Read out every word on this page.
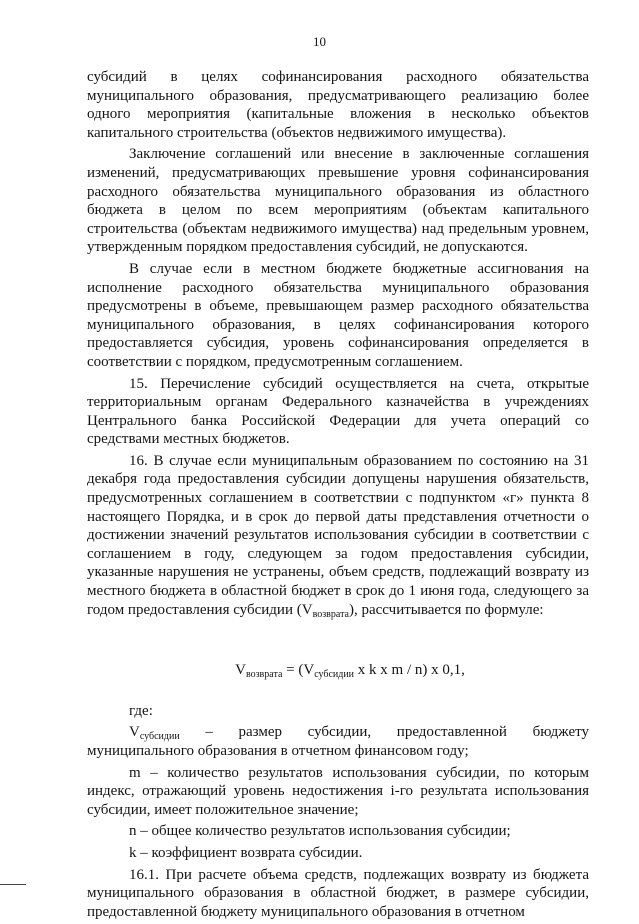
10

субсидий в целях софинансирования расходного обязательства муниципального образования, предусматривающего реализацию более одного мероприятия (капитальные вложения в несколько объектов капитального строительства (объектов недвижимого имущества).

Заключение соглашений или внесение в заключенные соглашения изменений, предусматривающих превышение уровня софинансирования расходного обязательства муниципального образования из областного бюджета в целом по всем мероприятиям (объектам капитального строительства (объектам недвижимого имущества) над предельным уровнем, утвержденным порядком предоставления субсидий, не допускаются.

В случае если в местном бюджете бюджетные ассигнования на исполнение расходного обязательства муниципального образования предусмотрены в объеме, превышающем размер расходного обязательства муниципального образования, в целях софинансирования которого предоставляется субсидия, уровень софинансирования определяется в соответствии с порядком, предусмотренным соглашением.

15. Перечисление субсидий осуществляется на счета, открытые территориальным органам Федерального казначейства в учреждениях Центрального банка Российской Федерации для учета операций со средствами местных бюджетов.

16. В случае если муниципальным образованием по состоянию на 31 декабря года предоставления субсидии допущены нарушения обязательств, предусмотренных соглашением в соответствии с подпунктом «г» пункта 8 настоящего Порядка, и в срок до первой даты представления отчетности о достижении значений результатов использования субсидии в соответствии с соглашением в году, следующем за годом предоставления субсидии, указанные нарушения не устранены, объем средств, подлежащий возврату из местного бюджета в областной бюджет в срок до 1 июня года, следующего за годом предоставления субсидии $(V_{возврата})$, рассчитывается по формуле:

$V_{возврата} = (V_{субсидии}$ x k x m / n) x 0,1,

где:

$V_{субсидии}$ – размер субсидии, предоставленной бюджету муниципального образования в отчетном финансовом году;

m – количество результатов использования субсидии, по которым индекс, отражающий уровень недостижения i-го результата использования субсидии, имеет положительное значение;

n – общее количество результатов использования субсидии;

k – коэффициент возврата субсидии.

16.1. При расчете объема средств, подлежащих возврату из бюджета муниципального образования в областной бюджет, в размере субсидии, предоставленной бюджету муниципального образования в отчетном
